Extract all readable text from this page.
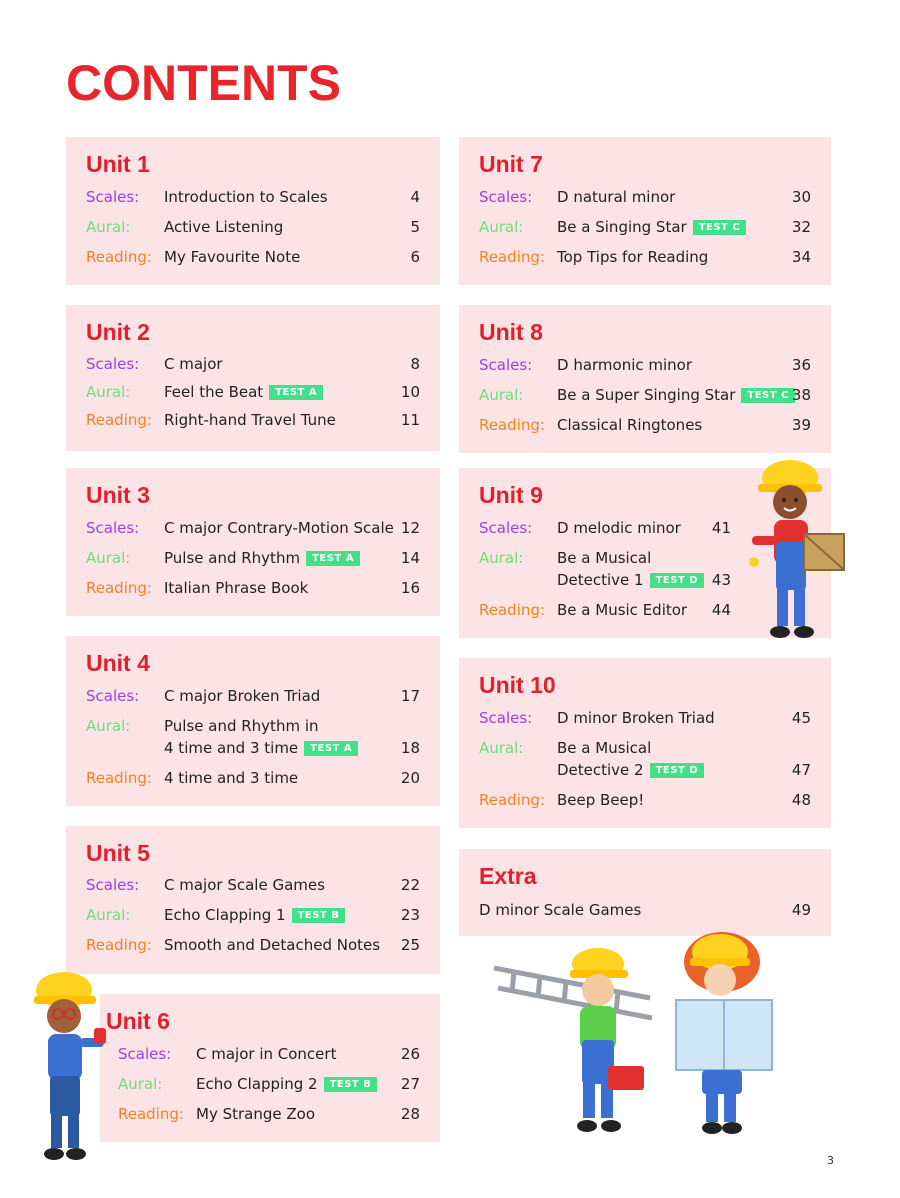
CONTENTS
Unit 1
Scales: Introduction to Scales	4
Aural: Active Listening	5
Reading: My Favourite Note	6
Unit 2
Scales: C major	8
Aural: Feel the Beat TEST A	10
Reading: Right-hand Travel Tune	11
Unit 3
Scales: C major Contrary-Motion Scale 12
Aural: Pulse and Rhythm TEST A	14
Reading: Italian Phrase Book	16
Unit 4
Scales: C major Broken Triad	17
Aural: Pulse and Rhythm in
4 time and 3 time TEST A	18
Reading: 4 time and 3 time	20
Unit 5
Scales: C major Scale Games	22
Aural: Echo Clapping 1 TEST B	23
Reading: Smooth and Detached Notes 25
Unit 6
Scales: C major in Concert	26
Aural: Echo Clapping 2 TEST B	27
Reading: My Strange Zoo	28
Unit 7
Scales: D natural minor	30
Aural: Be a Singing Star TEST C	32
Reading: Top Tips for Reading	34
Unit 8
Scales: D harmonic minor	36
Aural: Be a Super Singing Star TEST C 38
Reading: Classical Ringtones	39
Unit 9
Scales: D melodic minor 41
Aural: Be a Musical
Detective 1 TEST D 43
Reading: Be a Music Editor 44
Unit 10
Scales: D minor Broken Triad	45
Aural: Be a Musical
Detective 2 TEST D	47
Reading: Beep Beep!	48
Extra
D minor Scale Games	49
3
